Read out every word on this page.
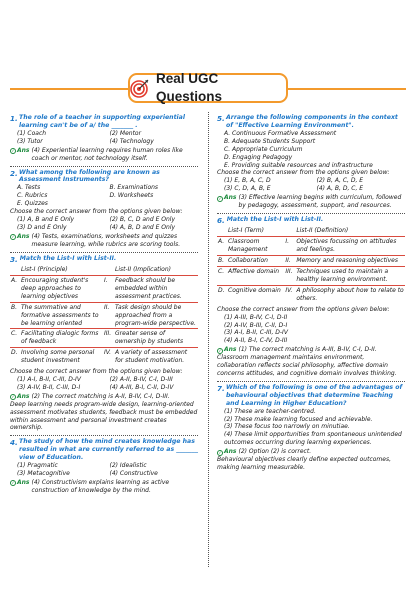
Real UGC Questions
1. The role of a teacher in supporting experiential learning can't be of a/ the _______ .
(1) Coach	(2) Mentor
(3) Tutor	(4) Technology
✓ Ans (4) Experiential learning requires human roles like coach or mentor, not technology itself.
2. What among the following are known as Assessment Instruments?
A. Tests	B. Examinations
C. Rubrics	D. Worksheets
E. Quizzes
Choose the correct answer from the options given below:
(1) A, B and E Only	(2) B, C, D and E Only
(3) D and E Only	(4) A, B, D and E Only
✓ Ans (4) Tests, examinations, worksheets and quizzes measure learning, while rubrics are scoring tools.
3. Match the List-I with List-II.
	List-I (Principle)		List-II (Implication)
A.	Encouraging student's deep approaches to learning objectives	I.	Feedback should be embedded within assessment practices.
B.	The summative and formative assessments to be learning oriented	II.	Task design should be approached from a program-wide perspective.
C.	Facilitating dialogic forms of feedback	III.	Greater sense of ownership by students
D.	Involving some personal student investment	IV.	A variety of assessment for student motivation.
Choose the correct answer from the options given below:
(1) A-I, B-II, C-III, D-IV	(2) A-II, B-IV, C-I, D-III
(3) A-IV, B-II, C-III, D-I	(4) A-III, B-I, C-II, D-IV
✓ Ans (2) The correct matching is A-II, B-IV, C-I, D-III.
Deep learning needs program-wide design, learning-oriented assessment motivates students, feedback must be embedded within assessment and personal investment creates ownership.
4. The study of how the mind creates knowledge has resulted in what are currently referred to as _______ view of Education.
(1) Pragmatic	(2) Idealistic
(3) Metacognitive	(4) Constructive
✓ Ans (4) Constructivism explains learning as active construction of knowledge by the mind.
5. Arrange the following components in the context of "Effective Learning Environment".
A. Continuous Formative Assessment
B. Adequate Students Support
C. Appropriate Curriculum
D. Engaging Pedagogy
E. Providing suitable resources and infrastructure
Choose the correct answer from the options given below:
(1) E, B, A, C, D	(2) B, A, C, D, E
(3) C, D, A, B, E	(4) A, B, D, C, E
✓ Ans (3) Effective learning begins with curriculum, followed by pedagogy, assessment, support, and resources.
6. Match the List-I with List-II.
	List-I (Term)		List-II (Definition)
A.	Classroom Management	I.	Objectives focussing on attitudes and feelings.
B.	Collaboration	II.	Memory and reasoning objectives
C.	Affective domain	III.	Techniques used to maintain a healthy learning environment.
D.	Cognitive domain	IV.	A philosophy about how to relate to others.
Choose the correct answer from the options given below:
(1) A-III, B-IV, C-I, D-II
(2) A-IV, B-III, C-II, D-I
(3) A-I, B-II, C-III, D-IV
(4) A-II, B-I, C-IV, D-III
✓ Ans (1) The correct matching is A-III, B-IV, C-I, D-II.
Classroom management maintains environment, collaboration reflects social philosophy, affective domain concerns attitudes, and cognitive domain involves thinking.
7. Which of the following is one of the advantages of behavioural objectives that determine Teaching and Learning in Higher Education?
(1) These are teacher-centred.
(2) These make learning focused and achievable.
(3) These focus too narrowly on minutiae.
(4) These limit opportunities from spontaneous unintended outcomes occurring during learning experiences.
✓ Ans (2) Option (2) is correct.
Behavioural objectives clearly define expected outcomes, making learning measurable.
